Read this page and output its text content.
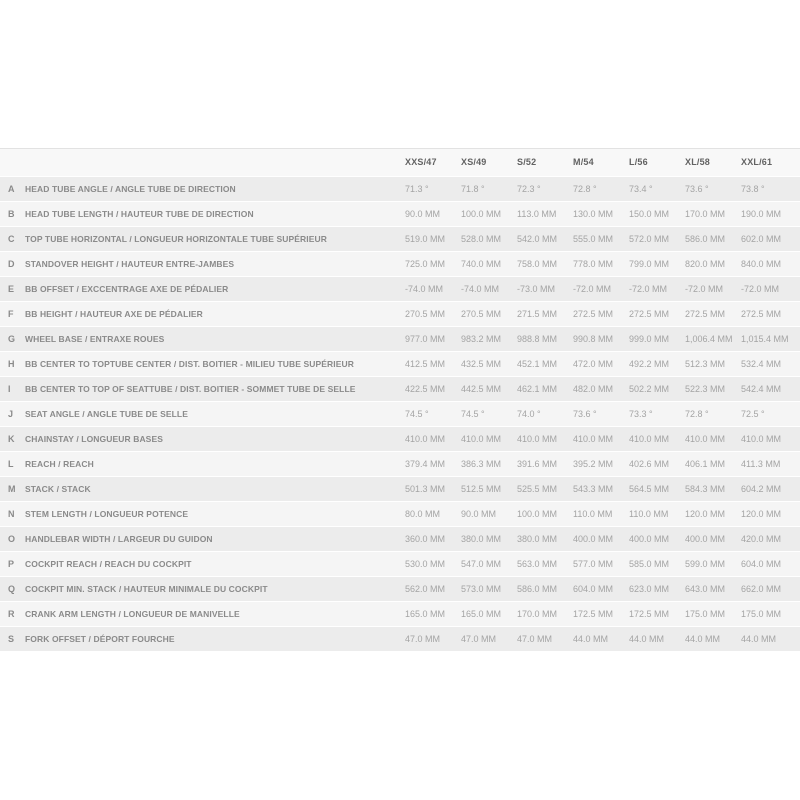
		XXS/47	XS/49	S/52	M/54	L/56	XL/58	XXL/61
A	HEAD TUBE ANGLE / ANGLE TUBE DE DIRECTION	71.3 °	71.8 °	72.3 °	72.8 °	73.4 °	73.6 °	73.8 °
B	HEAD TUBE LENGTH / HAUTEUR TUBE DE DIRECTION	90.0 MM	100.0 MM	113.0 MM	130.0 MM	150.0 MM	170.0 MM	190.0 MM
C	TOP TUBE HORIZONTAL / LONGUEUR HORIZONTALE TUBE SUPÉRIEUR	519.0 MM	528.0 MM	542.0 MM	555.0 MM	572.0 MM	586.0 MM	602.0 MM
D	STANDOVER HEIGHT / HAUTEUR ENTRE-JAMBES	725.0 MM	740.0 MM	758.0 MM	778.0 MM	799.0 MM	820.0 MM	840.0 MM
E	BB OFFSET / EXCCENTRAGE AXE DE PÉDALIER	-74.0 MM	-74.0 MM	-73.0 MM	-72.0 MM	-72.0 MM	-72.0 MM	-72.0 MM
F	BB HEIGHT / HAUTEUR AXE DE PÉDALIER	270.5 MM	270.5 MM	271.5 MM	272.5 MM	272.5 MM	272.5 MM	272.5 MM
G	WHEEL BASE / ENTRAXE ROUES	977.0 MM	983.2 MM	988.8 MM	990.8 MM	999.0 MM	1,006.4 MM	1,015.4 MM
H	BB CENTER TO TOPTUBE CENTER / DIST. BOITIER - MILIEU TUBE SUPÉRIEUR	412.5 MM	432.5 MM	452.1 MM	472.0 MM	492.2 MM	512.3 MM	532.4 MM
I	BB CENTER TO TOP OF SEATTUBE / DIST. BOITIER - SOMMET TUBE DE SELLE	422.5 MM	442.5 MM	462.1 MM	482.0 MM	502.2 MM	522.3 MM	542.4 MM
J	SEAT ANGLE / ANGLE TUBE DE SELLE	74.5 °	74.5 °	74.0 °	73.6 °	73.3 °	72.8 °	72.5 °
K	CHAINSTAY / LONGUEUR BASES	410.0 MM	410.0 MM	410.0 MM	410.0 MM	410.0 MM	410.0 MM	410.0 MM
L	REACH / REACH	379.4 MM	386.3 MM	391.6 MM	395.2 MM	402.6 MM	406.1 MM	411.3 MM
M	STACK / STACK	501.3 MM	512.5 MM	525.5 MM	543.3 MM	564.5 MM	584.3 MM	604.2 MM
N	STEM LENGTH / LONGUEUR POTENCE	80.0 MM	90.0 MM	100.0 MM	110.0 MM	110.0 MM	120.0 MM	120.0 MM
O	HANDLEBAR WIDTH / LARGEUR DU GUIDON	360.0 MM	380.0 MM	380.0 MM	400.0 MM	400.0 MM	400.0 MM	420.0 MM
P	COCKPIT REACH / REACH DU COCKPIT	530.0 MM	547.0 MM	563.0 MM	577.0 MM	585.0 MM	599.0 MM	604.0 MM
Q	COCKPIT MIN. STACK / HAUTEUR MINIMALE DU COCKPIT	562.0 MM	573.0 MM	586.0 MM	604.0 MM	623.0 MM	643.0 MM	662.0 MM
R	CRANK ARM LENGTH / LONGUEUR DE MANIVELLE	165.0 MM	165.0 MM	170.0 MM	172.5 MM	172.5 MM	175.0 MM	175.0 MM
S	FORK OFFSET / DÉPORT FOURCHE	47.0 MM	47.0 MM	47.0 MM	44.0 MM	44.0 MM	44.0 MM	44.0 MM
